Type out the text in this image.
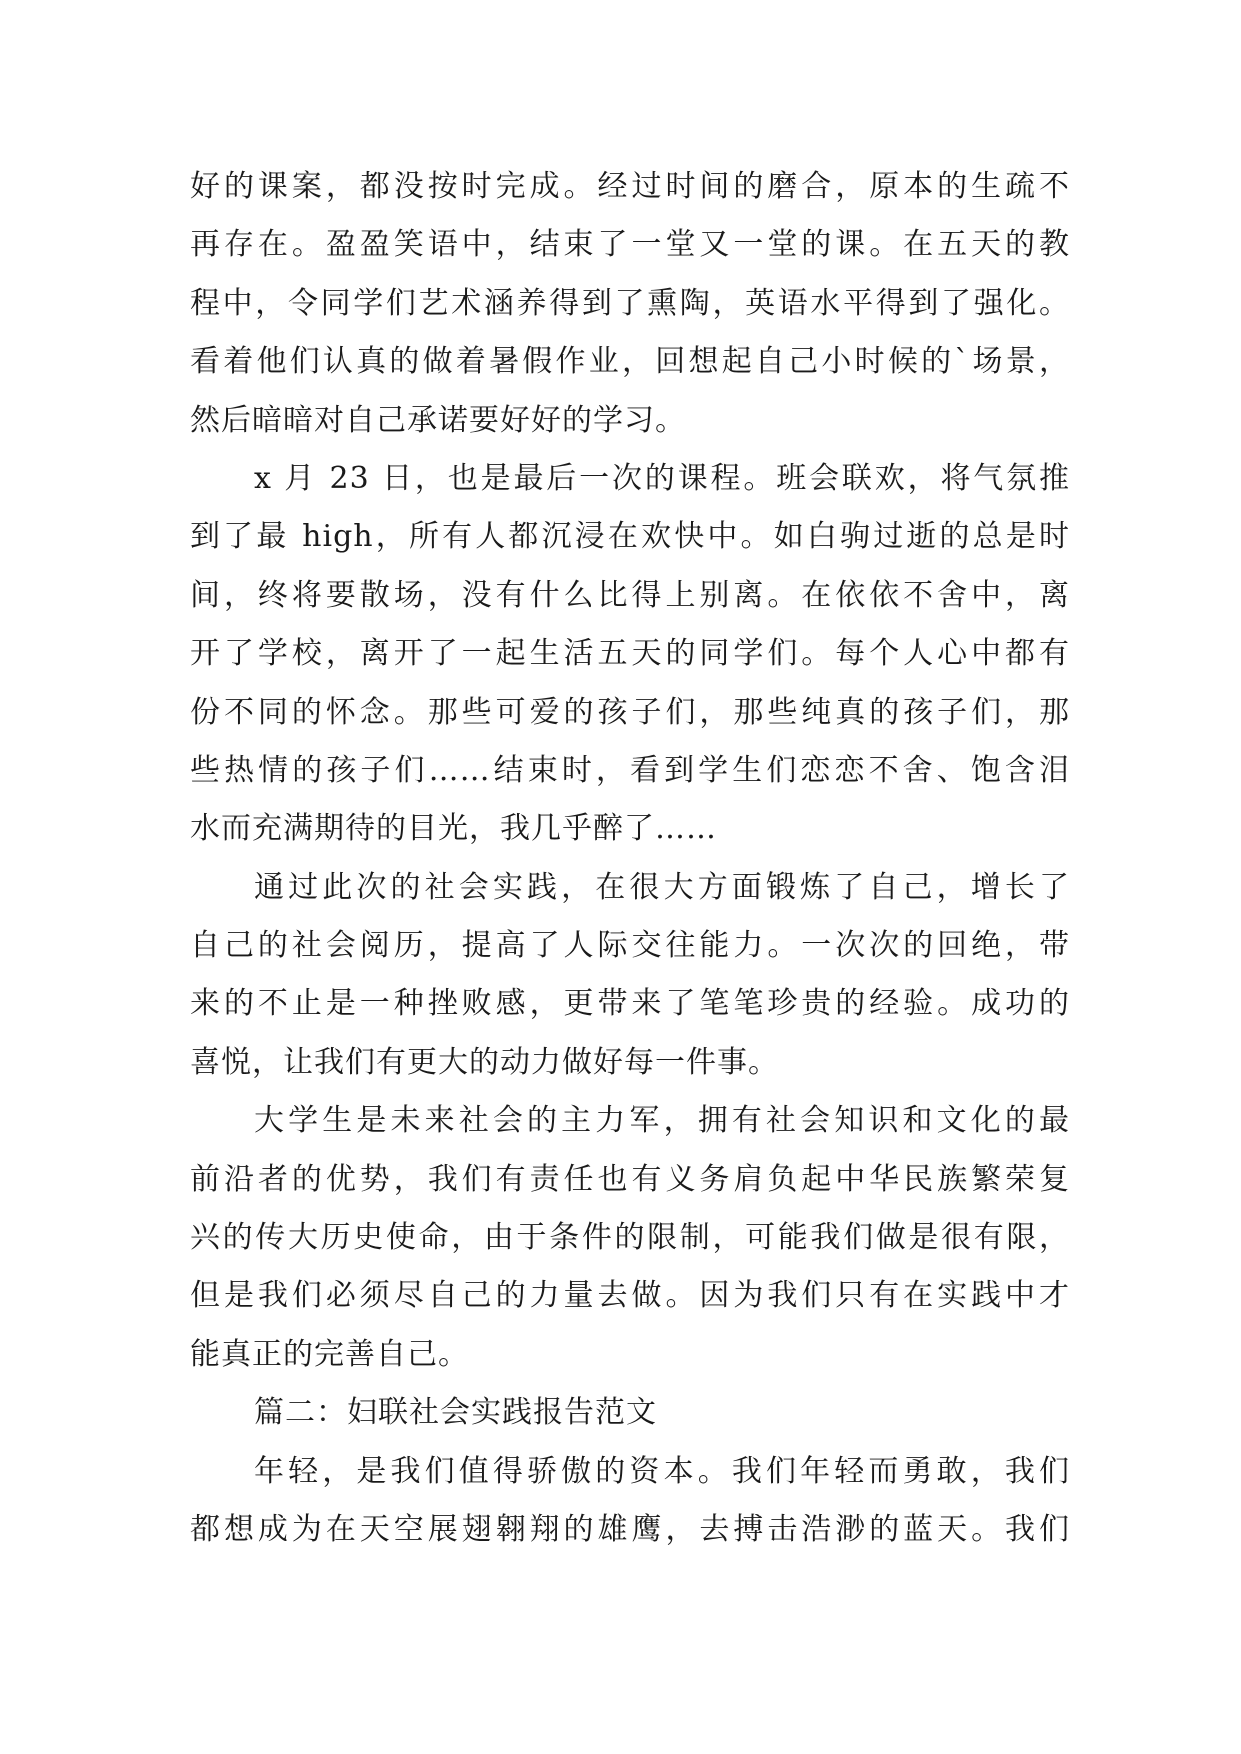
好的课案，都没按时完成。经过时间的磨合，原本的生疏不
再存在。盈盈笑语中，结束了一堂又一堂的课。在五天的教
程中，令同学们艺术涵养得到了熏陶，英语水平得到了强化。
看着他们认真的做着暑假作业，回想起自己小时候的`场景，
然后暗暗对自己承诺要好好的学习。
x 月 23 日，也是最后一次的课程。班会联欢，将气氛推
到了最 high，所有人都沉浸在欢快中。如白驹过逝的总是时
间，终将要散场，没有什么比得上别离。在依依不舍中，离
开了学校，离开了一起生活五天的同学们。每个人心中都有
份不同的怀念。那些可爱的孩子们，那些纯真的孩子们，那
些热情的孩子们……结束时，看到学生们恋恋不舍、饱含泪
水而充满期待的目光，我几乎醉了……
通过此次的社会实践，在很大方面锻炼了自己，增长了
自己的社会阅历，提高了人际交往能力。一次次的回绝，带
来的不止是一种挫败感，更带来了笔笔珍贵的经验。成功的
喜悦，让我们有更大的动力做好每一件事。
大学生是未来社会的主力军，拥有社会知识和文化的最
前沿者的优势，我们有责任也有义务肩负起中华民族繁荣复
兴的传大历史使命，由于条件的限制，可能我们做是很有限，
但是我们必须尽自己的力量去做。因为我们只有在实践中才
能真正的完善自己。
篇二：妇联社会实践报告范文
年轻，是我们值得骄傲的资本。我们年轻而勇敢，我们
都想成为在天空展翅翱翔的雄鹰，去搏击浩渺的蓝天。我们
